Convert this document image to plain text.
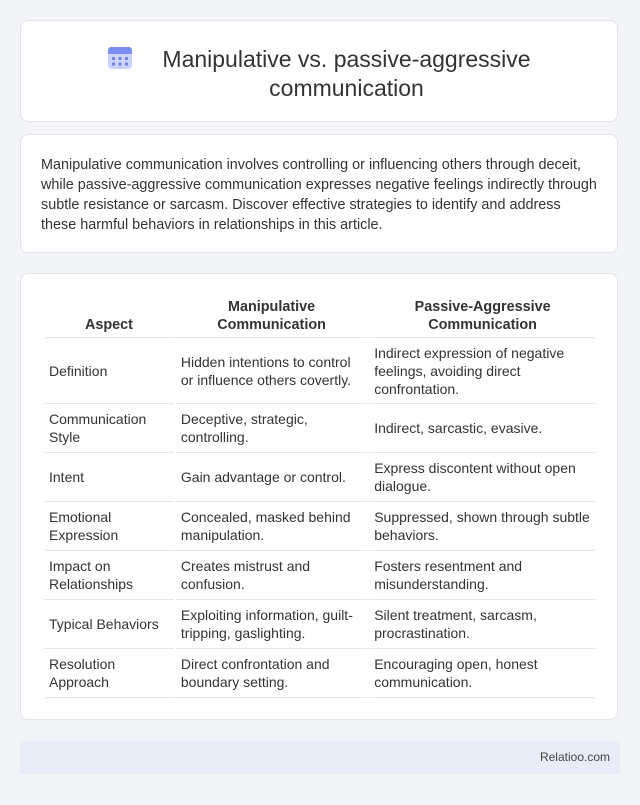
Manipulative vs. passive-aggressive communication
Manipulative communication involves controlling or influencing others through deceit, while passive-aggressive communication expresses negative feelings indirectly through subtle resistance or sarcasm. Discover effective strategies to identify and address these harmful behaviors in relationships in this article.
Aspect	Manipulative Communication	Passive-Aggressive Communication
Definition	Hidden intentions to control or influence others covertly.	Indirect expression of negative feelings, avoiding direct confrontation.
Communication Style	Deceptive, strategic, controlling.	Indirect, sarcastic, evasive.
Intent	Gain advantage or control.	Express discontent without open dialogue.
Emotional Expression	Concealed, masked behind manipulation.	Suppressed, shown through subtle behaviors.
Impact on Relationships	Creates mistrust and confusion.	Fosters resentment and misunderstanding.
Typical Behaviors	Exploiting information, guilt-tripping, gaslighting.	Silent treatment, sarcasm, procrastination.
Resolution Approach	Direct confrontation and boundary setting.	Encouraging open, honest communication.
Relatioo.com
